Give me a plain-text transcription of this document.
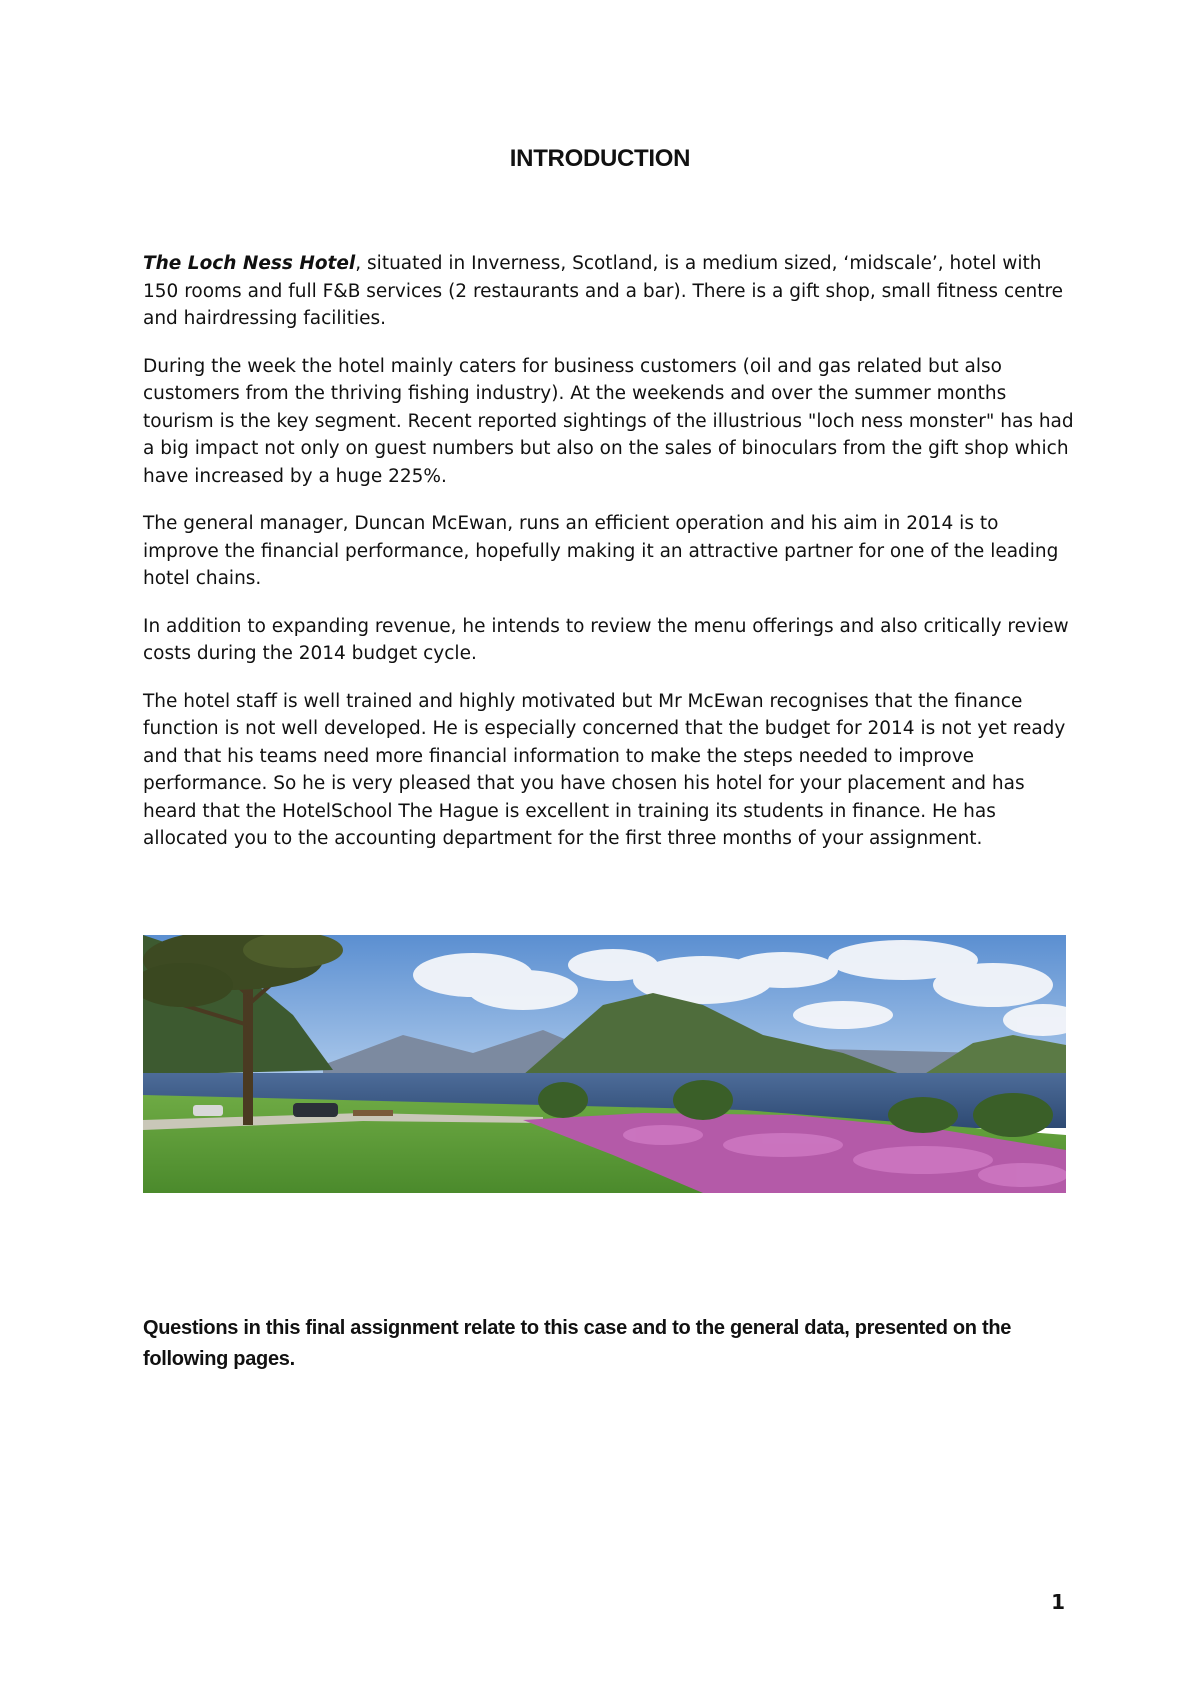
INTRODUCTION

The Loch Ness Hotel, situated in Inverness, Scotland, is a medium sized, ‘midscale’, hotel with 150 rooms and full F&B services (2 restaurants and a bar). There is a gift shop, small fitness centre and hairdressing facilities.

During the week the hotel mainly caters for business customers (oil and gas related but also customers from the thriving fishing industry). At the weekends and over the summer months tourism is the key segment. Recent reported sightings of the illustrious "loch ness monster" has had a big impact not only on guest numbers but also on the sales of binoculars from the gift shop which have increased by a huge 225%.

The general manager, Duncan McEwan, runs an efficient operation and his aim in 2014 is to improve the financial performance, hopefully making it an attractive partner for one of the leading hotel chains.

In addition to expanding revenue, he intends to review the menu offerings and also critically review costs during the 2014 budget cycle.

The hotel staff is well trained and highly motivated but Mr McEwan recognises that the finance function is not well developed. He is especially concerned that the budget for 2014 is not yet ready and that his teams need more financial information to make the steps needed to improve performance. So he is very pleased that you have chosen his hotel for your placement and has heard that the HotelSchool The Hague is excellent in training its students in finance. He has allocated you to the accounting department for the first three months of your assignment.

Questions in this final assignment relate to this case and to the general data, presented on the following pages.

1
